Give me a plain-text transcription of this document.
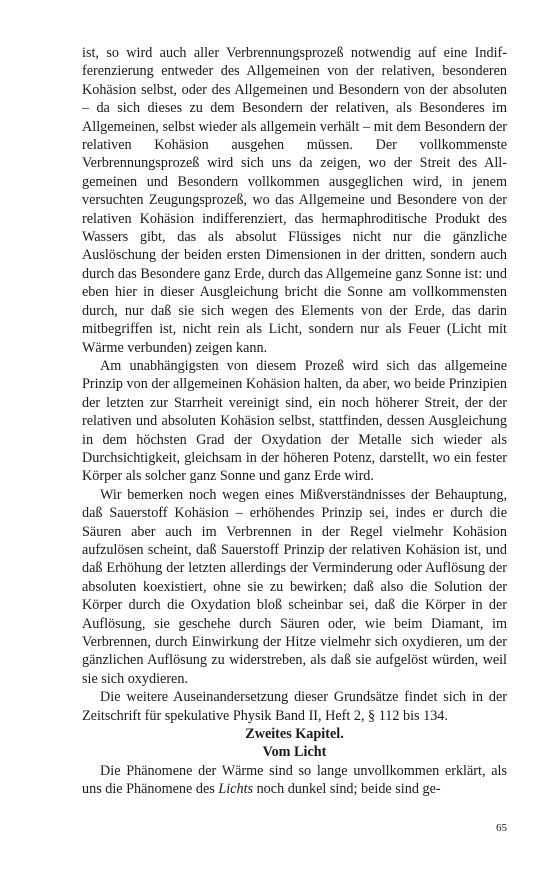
ist, so wird auch aller Verbrennungsprozeß notwendig auf eine Indifferenzierung entweder des Allgemeinen von der relativen, besonderen Kohäsion selbst, oder des Allgemeinen und Besondern von der absoluten – da sich dieses zu dem Besondern der relativen, als Besonderes im Allgemeinen, selbst wieder als allgemein verhält – mit dem Besondern der relativen Kohäsion ausgehen müssen. Der vollkommenste Verbrennungsprozeß wird sich uns da zeigen, wo der Streit des Allgemeinen und Besondern vollkommen ausgeglichen wird, in jenem versuchten Zeugungsprozeß, wo das Allgemeine und Besondere von der relativen Kohäsion indifferenziert, das hermaphroditische Produkt des Wassers gibt, das als absolut Flüssiges nicht nur die gänzliche Auslöschung der beiden ersten Dimensionen in der dritten, sondern auch durch das Besondere ganz Erde, durch das Allgemeine ganz Sonne ist: und eben hier in dieser Ausgleichung bricht die Sonne am vollkommensten durch, nur daß sie sich wegen des Elements von der Erde, das darin mitbegriffen ist, nicht rein als Licht, sondern nur als Feuer (Licht mit Wärme verbunden) zeigen kann.

Am unabhängigsten von diesem Prozeß wird sich das allgemeine Prinzip von der allgemeinen Kohäsion halten, da aber, wo beide Prinzipien der letzten zur Starrheit vereinigt sind, ein noch höherer Streit, der der relativen und absoluten Kohäsion selbst, stattfinden, dessen Ausgleichung in dem höchsten Grad der Oxydation der Metalle sich wieder als Durchsichtigkeit, gleichsam in der höheren Potenz, darstellt, wo ein fester Körper als solcher ganz Sonne und ganz Erde wird.

Wir bemerken noch wegen eines Mißverständnisses der Behauptung, daß Sauerstoff Kohäsion – erhöhendes Prinzip sei, indes er durch die Säuren aber auch im Verbrennen in der Regel vielmehr Kohäsion aufzulösen scheint, daß Sauerstoff Prinzip der relativen Kohäsion ist, und daß Erhöhung der letzten allerdings der Verminderung oder Auflösung der absoluten koexistiert, ohne sie zu bewirken; daß also die Solution der Körper durch die Oxydation bloß scheinbar sei, daß die Körper in der Auflösung, sie geschehe durch Säuren oder, wie beim Diamant, im Verbrennen, durch Einwirkung der Hitze vielmehr sich oxydieren, um der gänzlichen Auflösung zu widerstreben, als daß sie aufgelöst würden, weil sie sich oxydieren.

Die weitere Auseinandersetzung dieser Grundsätze findet sich in der Zeitschrift für spekulative Physik Band II, Heft 2, § 112 bis 134.

Zweites Kapitel.

Vom Licht

Die Phänomene der Wärme sind so lange unvollkommen erklärt, als uns die Phänomene des Lichts noch dunkel sind; beide sind ge-

65
